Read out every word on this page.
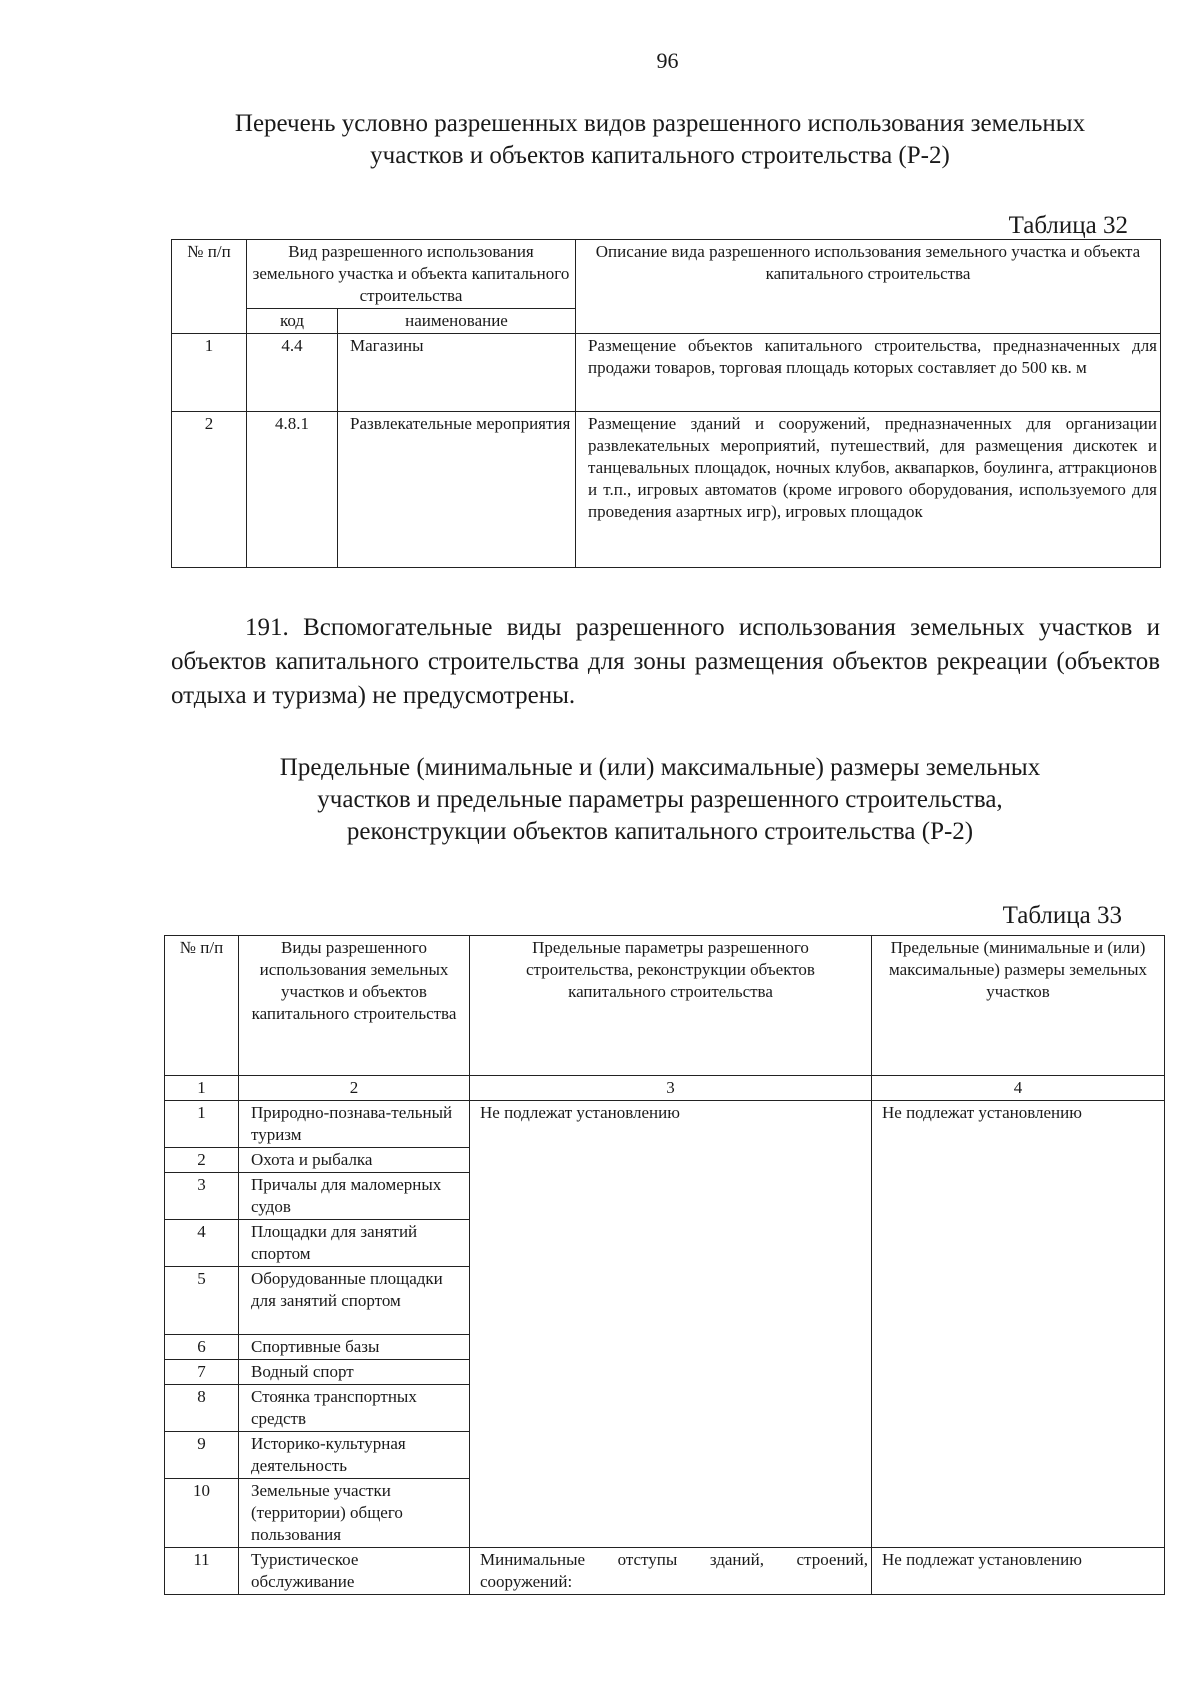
96
Перечень условно разрешенных видов разрешенного использования земельных
участков и объектов капитального строительства (Р-2)
Таблица 32
№ п/п	Вид разрешенного использования земельного участка и объекта капитального строительства		Описание вида разрешенного использования земельного участка и объекта капитального строительства
	код	наименование	
1	4.4	Магазины	Размещение объектов капитального строительства, предназначенных для продажи товаров, торговая площадь которых составляет до 500 кв. м
2	4.8.1	Развлекательные мероприятия	Размещение зданий и сооружений, предназначенных для организации развлекательных мероприятий, путешествий, для размещения дискотек и танцевальных площадок, ночных клубов, аквапарков, боулинга, аттракционов и т.п., игровых автоматов (кроме игрового оборудования, используемого для проведения азартных игр), игровых площадок
191. Вспомогательные виды разрешенного использования земельных участков и объектов капитального строительства для зоны размещения объектов рекреации (объектов отдыха и туризма) не предусмотрены.
Предельные (минимальные и (или) максимальные) размеры земельных
участков и предельные параметры разрешенного строительства,
реконструкции объектов капитального строительства (Р-2)
Таблица 33
№ п/п	Виды разрешенного использования земельных участков и объектов капитального строительства	Предельные параметры разрешенного строительства, реконструкции объектов капитального строительства	Предельные (минимальные и (или) максимальные) размеры земельных участков
1	2	3	4
1	Природно-познава-тельный туризм	Не подлежат установлению	Не подлежат установлению
2	Охота и рыбалка		
3	Причалы для маломерных судов		
4	Площадки для занятий спортом		
5	Оборудованные площадки для занятий спортом		
6	Спортивные базы		
7	Водный спорт		
8	Стоянка транспортных средств		
9	Историко-культурная деятельность		
10	Земельные участки (территории) общего пользования		
11	Туристическое обслуживание	Минимальные отступы зданий, строений, сооружений:	Не подлежат установлению
